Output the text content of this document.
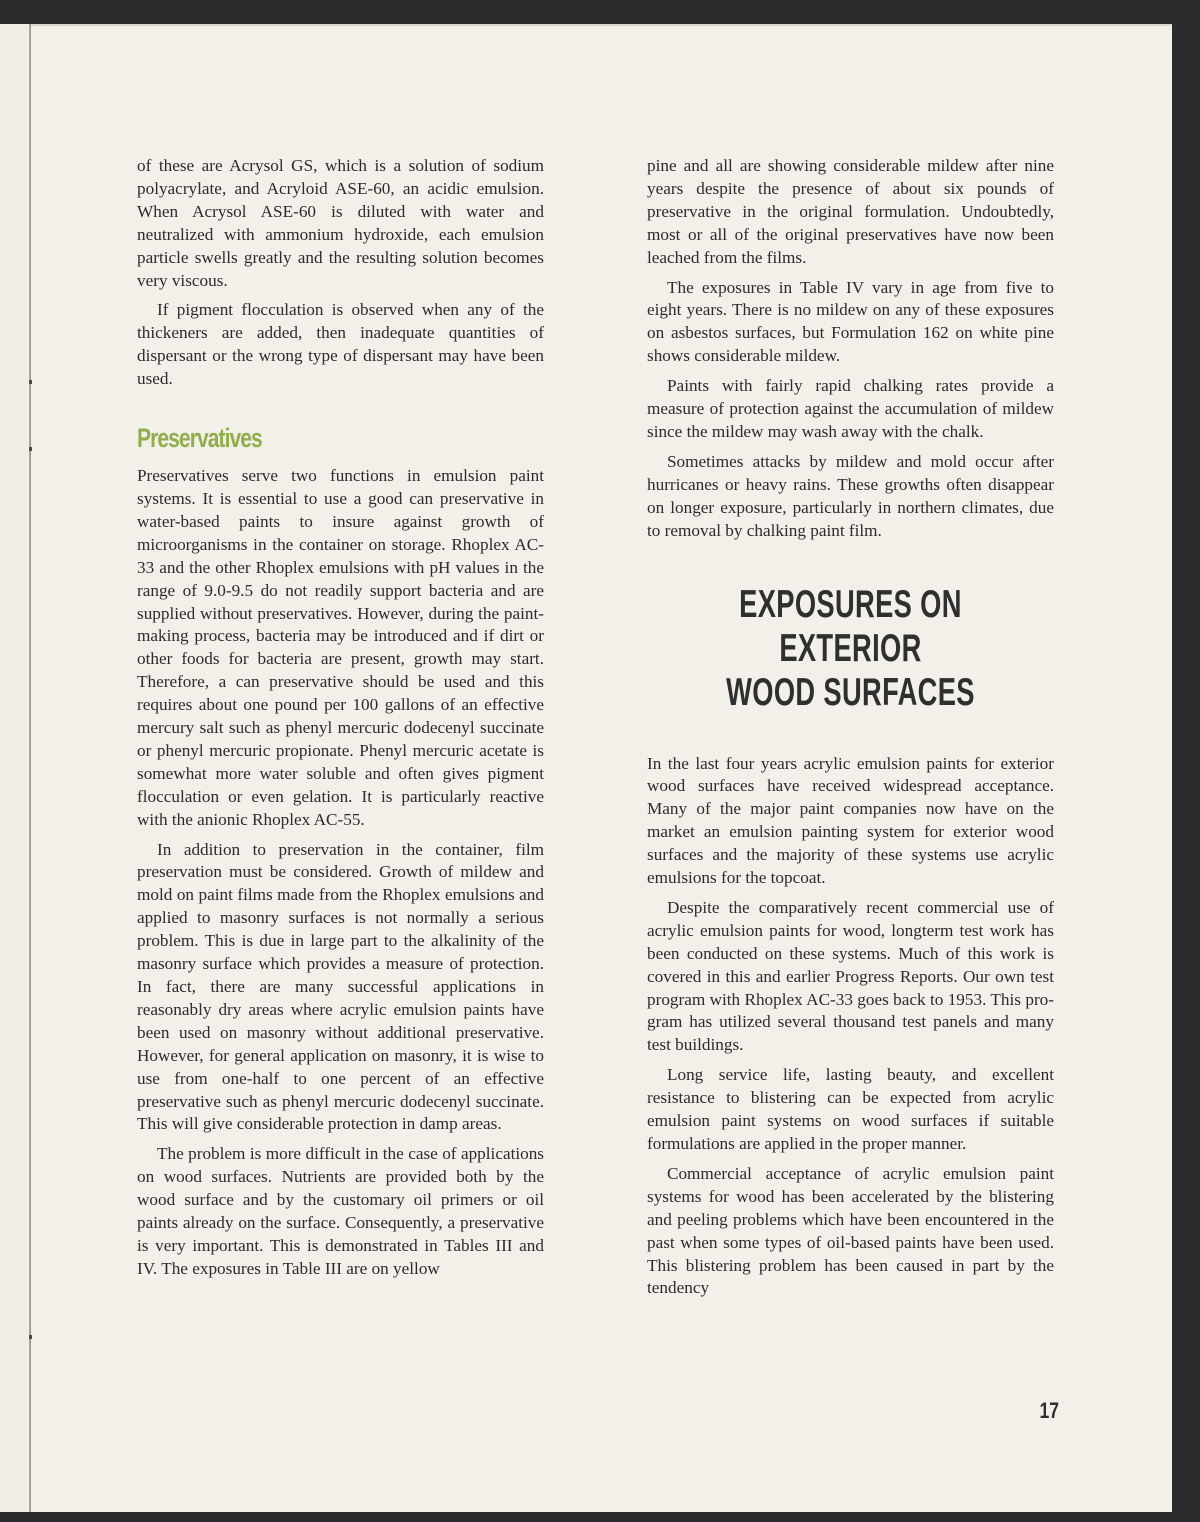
of these are Acrysol GS, which is a solution of sodium polyacrylate, and Acryloid ASE-60, an acidic emulsion. When Acrysol ASE-60 is diluted with water and neutralized with ammonium hydroxide, each emulsion particle swells greatly and the resulting solution becomes very viscous.

If pigment flocculation is observed when any of the thickeners are added, then inadequate quantities of dispersant or the wrong type of dispersant may have been used.

Preservatives

Preservatives serve two functions in emulsion paint systems. It is essential to use a good can preservative in water-based paints to insure against growth of microorganisms in the container on storage. Rhoplex AC-33 and the other Rhoplex emulsions with pH values in the range of 9.0-9.5 do not readily support bacteria and are supplied without preservatives. However, during the paintmaking process, bacteria may be introduced and if dirt or other foods for bacteria are present, growth may start. Therefore, a can preservative should be used and this requires about one pound per 100 gallons of an effective mercury salt such as phenyl mercuric dodecenyl succinate or phenyl mercuric propionate. Phenyl mercuric acetate is somewhat more water soluble and often gives pigment flocculation or even gelation. It is particularly reactive with the anionic Rhoplex AC-55.

In addition to preservation in the container, film preservation must be considered. Growth of mildew and mold on paint films made from the Rhoplex emulsions and applied to masonry surfaces is not normally a serious problem. This is due in large part to the alkalinity of the masonry surface which provides a measure of protection. In fact, there are many successful applications in reasonably dry areas where acrylic emulsion paints have been used on masonry without additional preservative. However, for general application on masonry, it is wise to use from one-half to one percent of an effective preservative such as phenyl mercuric dodecenyl succinate. This will give considerable protection in damp areas.

The problem is more difficult in the case of applications on wood surfaces. Nutrients are provided both by the wood surface and by the customary oil primers or oil paints already on the surface. Consequently, a preservative is very important. This is demonstrated in Tables III and IV. The exposures in Table III are on yellow

pine and all are showing considerable mildew after nine years despite the presence of about six pounds of preservative in the original formulation. Undoubtedly, most or all of the original preservatives have now been leached from the films.

The exposures in Table IV vary in age from five to eight years. There is no mildew on any of these exposures on asbestos surfaces, but Formulation 162 on white pine shows considerable mildew.

Paints with fairly rapid chalking rates provide a measure of protection against the accumulation of mildew since the mildew may wash away with the chalk.

Sometimes attacks by mildew and mold occur after hurricanes or heavy rains. These growths often disappear on longer exposure, particularly in northern climates, due to removal by chalking paint film.

EXPOSURES ON EXTERIOR
WOOD SURFACES

In the last four years acrylic emulsion paints for exterior wood surfaces have received widespread acceptance. Many of the major paint companies now have on the market an emulsion painting system for exterior wood surfaces and the majority of these systems use acrylic emulsions for the topcoat.

Despite the comparatively recent commercial use of acrylic emulsion paints for wood, longterm test work has been conducted on these systems. Much of this work is covered in this and earlier Progress Reports. Our own test program with Rhoplex AC-33 goes back to 1953. This program has utilized several thousand test panels and many test buildings.

Long service life, lasting beauty, and excellent resistance to blistering can be expected from acrylic emulsion paint systems on wood surfaces if suitable formulations are applied in the proper manner.

Commercial acceptance of acrylic emulsion paint systems for wood has been accelerated by the blistering and peeling problems which have been encountered in the past when some types of oil-based paints have been used. This blistering problem has been caused in part by the tendency

17
